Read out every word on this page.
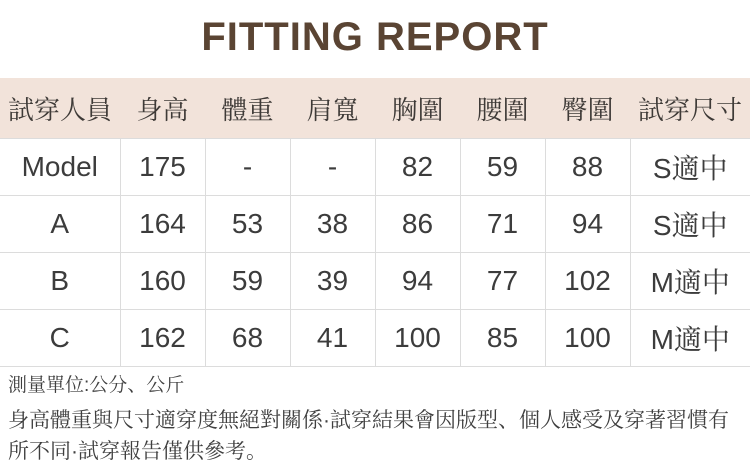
FITTING REPORT
試穿人員	身高	體重	肩寬	胸圍	腰圍	臀圍	試穿尺寸
Model	175	-	-	82	59	88	S適中
A	164	53	38	86	71	94	S適中
B	160	59	39	94	77	102	M適中
C	162	68	41	100	85	100	M適中

測量單位:公分、公斤

身高體重與尺寸適穿度無絕對關係·試穿結果會因版型、個人感受及穿著習慣有所不同·試穿報告僅供參考。
